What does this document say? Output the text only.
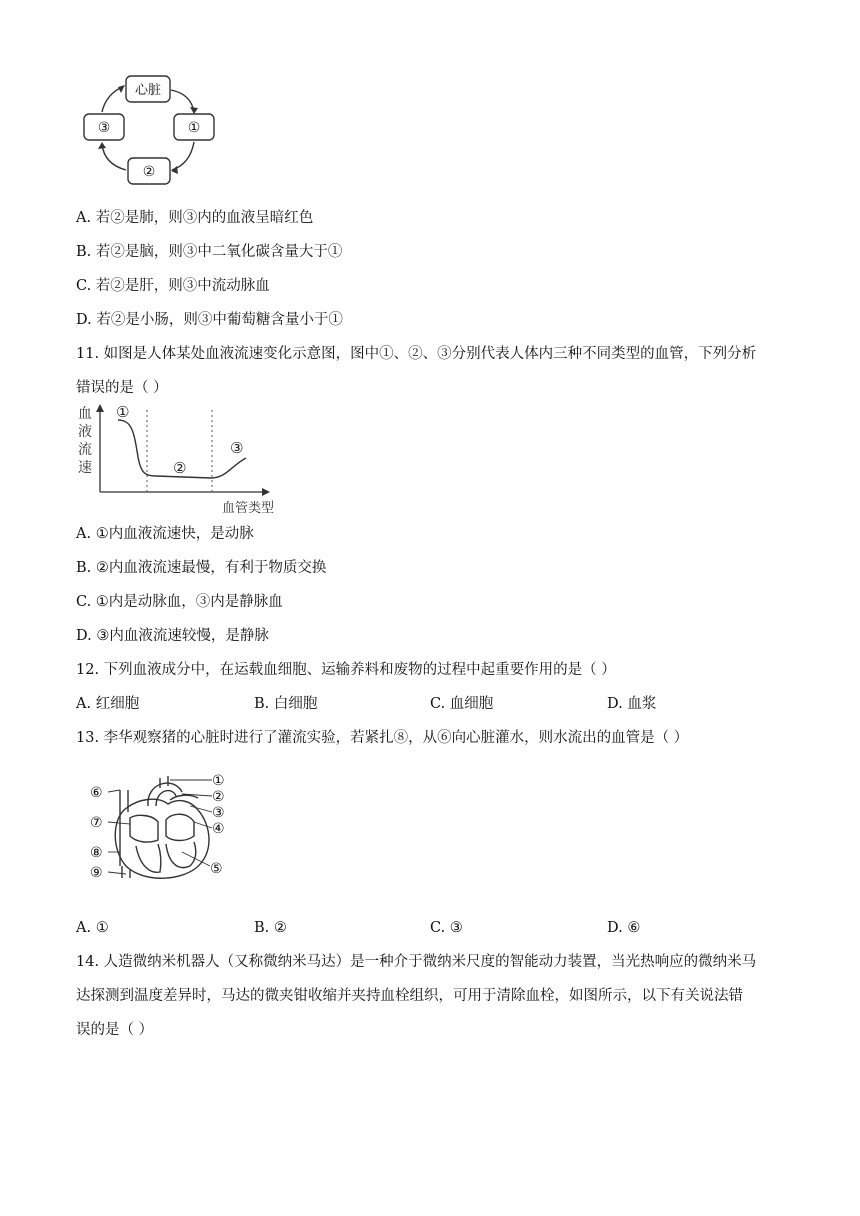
心脏
①
②
③
A. 若②是肺，则③内的血液呈暗红色
B. 若②是脑，则③中二氧化碳含量大于①
C. 若②是肝，则③中流动脉血
D. 若②是小肠，则③中葡萄糖含量小于①
11. 如图是人体某处血液流速变化示意图，图中①、②、③分别代表人体内三种不同类型的血管，下列分析
错误的是（ ）
血
液
流
速
①
②
③
血管类型
A. ①内血液流速快，是动脉
B. ②内血液流速最慢，有利于物质交换
C. ①内是动脉血，③内是静脉血
D. ③内血液流速较慢，是静脉
12. 下列血液成分中，在运载血细胞、运输养料和废物的过程中起重要作用的是（ ）
A. 红细胞	B. 白细胞	C. 血细胞	D. 血浆
13. 李华观察猪的心脏时进行了灌流实验，若紧扎⑧，从⑥向心脏灌水，则水流出的血管是（ ）
①
②
③
④
⑤
⑥
⑦
⑧
⑨
A. ①	B. ②	C. ③	D. ⑥
14. 人造微纳米机器人（又称微纳米马达）是一种介于微纳米尺度的智能动力装置，当光热响应的微纳米马
达探测到温度差异时，马达的微夹钳收缩并夹持血栓组织，可用于清除血栓，如图所示，以下有关说法错
误的是（ ）
